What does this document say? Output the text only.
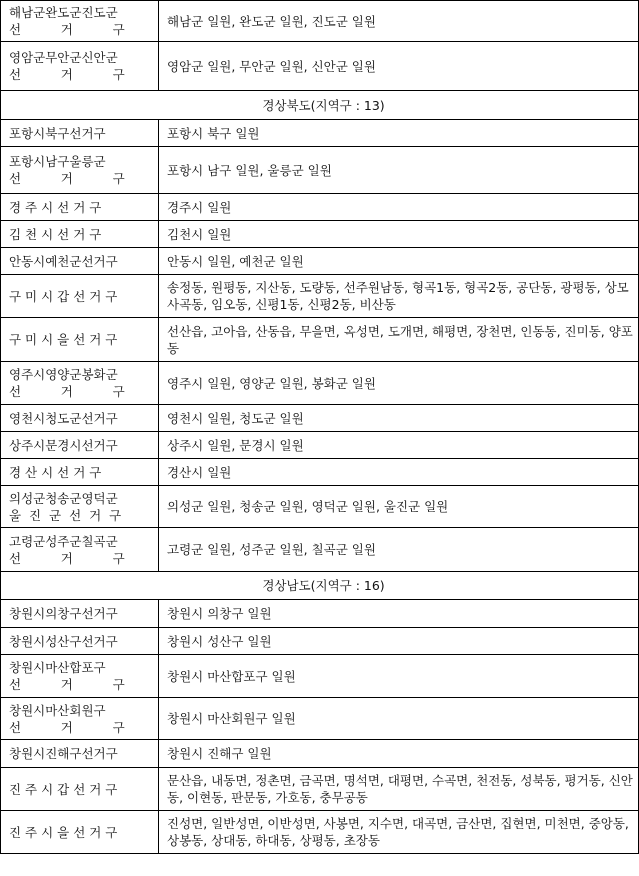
해남군완도군진도군
선          거          구	해남군 일원, 완도군 일원, 진도군 일원
영암군무안군신안군
선          거          구	영암군 일원, 무안군 일원, 신안군 일원
경상북도(지역구 : 13)	
포항시북구선거구	포항시 북구 일원
포항시남구울릉군
선          거          구	포항시 남구 일원, 울릉군 일원
경 주 시 선 거 구	경주시 일원
김 천 시 선 거 구	김천시 일원
안동시예천군선거구	안동시 일원, 예천군 일원
구 미 시 갑 선 거 구	송정동, 원평동, 지산동, 도량동, 선주원남동, 형곡1동, 형곡2동, 공단동, 광평동, 상모사곡동, 임오동, 신평1동, 신평2동, 비산동
구 미 시 을 선 거 구	선산읍, 고아읍, 산동읍, 무을면, 옥성면, 도개면, 해평면, 장천면, 인동동, 진미동, 양포동
영주시영양군봉화군
선          거          구	영주시 일원, 영양군 일원, 봉화군 일원
영천시청도군선거구	영천시 일원, 청도군 일원
상주시문경시선거구	상주시 일원, 문경시 일원
경 산 시 선 거 구	경산시 일원
의성군청송군영덕군
울  진  군  선  거  구	의성군 일원, 청송군 일원, 영덕군 일원, 울진군 일원
고령군성주군칠곡군
선          거          구	고령군 일원, 성주군 일원, 칠곡군 일원
경상남도(지역구 : 16)	
창원시의창구선거구	창원시 의창구 일원
창원시성산구선거구	창원시 성산구 일원
창원시마산합포구
선          거          구	창원시 마산합포구 일원
창원시마산회원구
선          거          구	창원시 마산회원구 일원
창원시진해구선거구	창원시 진해구 일원
진 주 시 갑 선 거 구	문산읍, 내동면, 정촌면, 금곡면, 명석면, 대평면, 수곡면, 천전동, 성북동, 평거동, 신안동, 이현동, 판문동, 가호동, 충무공동
진 주 시 을 선 거 구	진성면, 일반성면, 이반성면, 사봉면, 지수면, 대곡면, 금산면, 집현면, 미천면, 중앙동, 상봉동, 상대동, 하대동, 상평동, 초장동
